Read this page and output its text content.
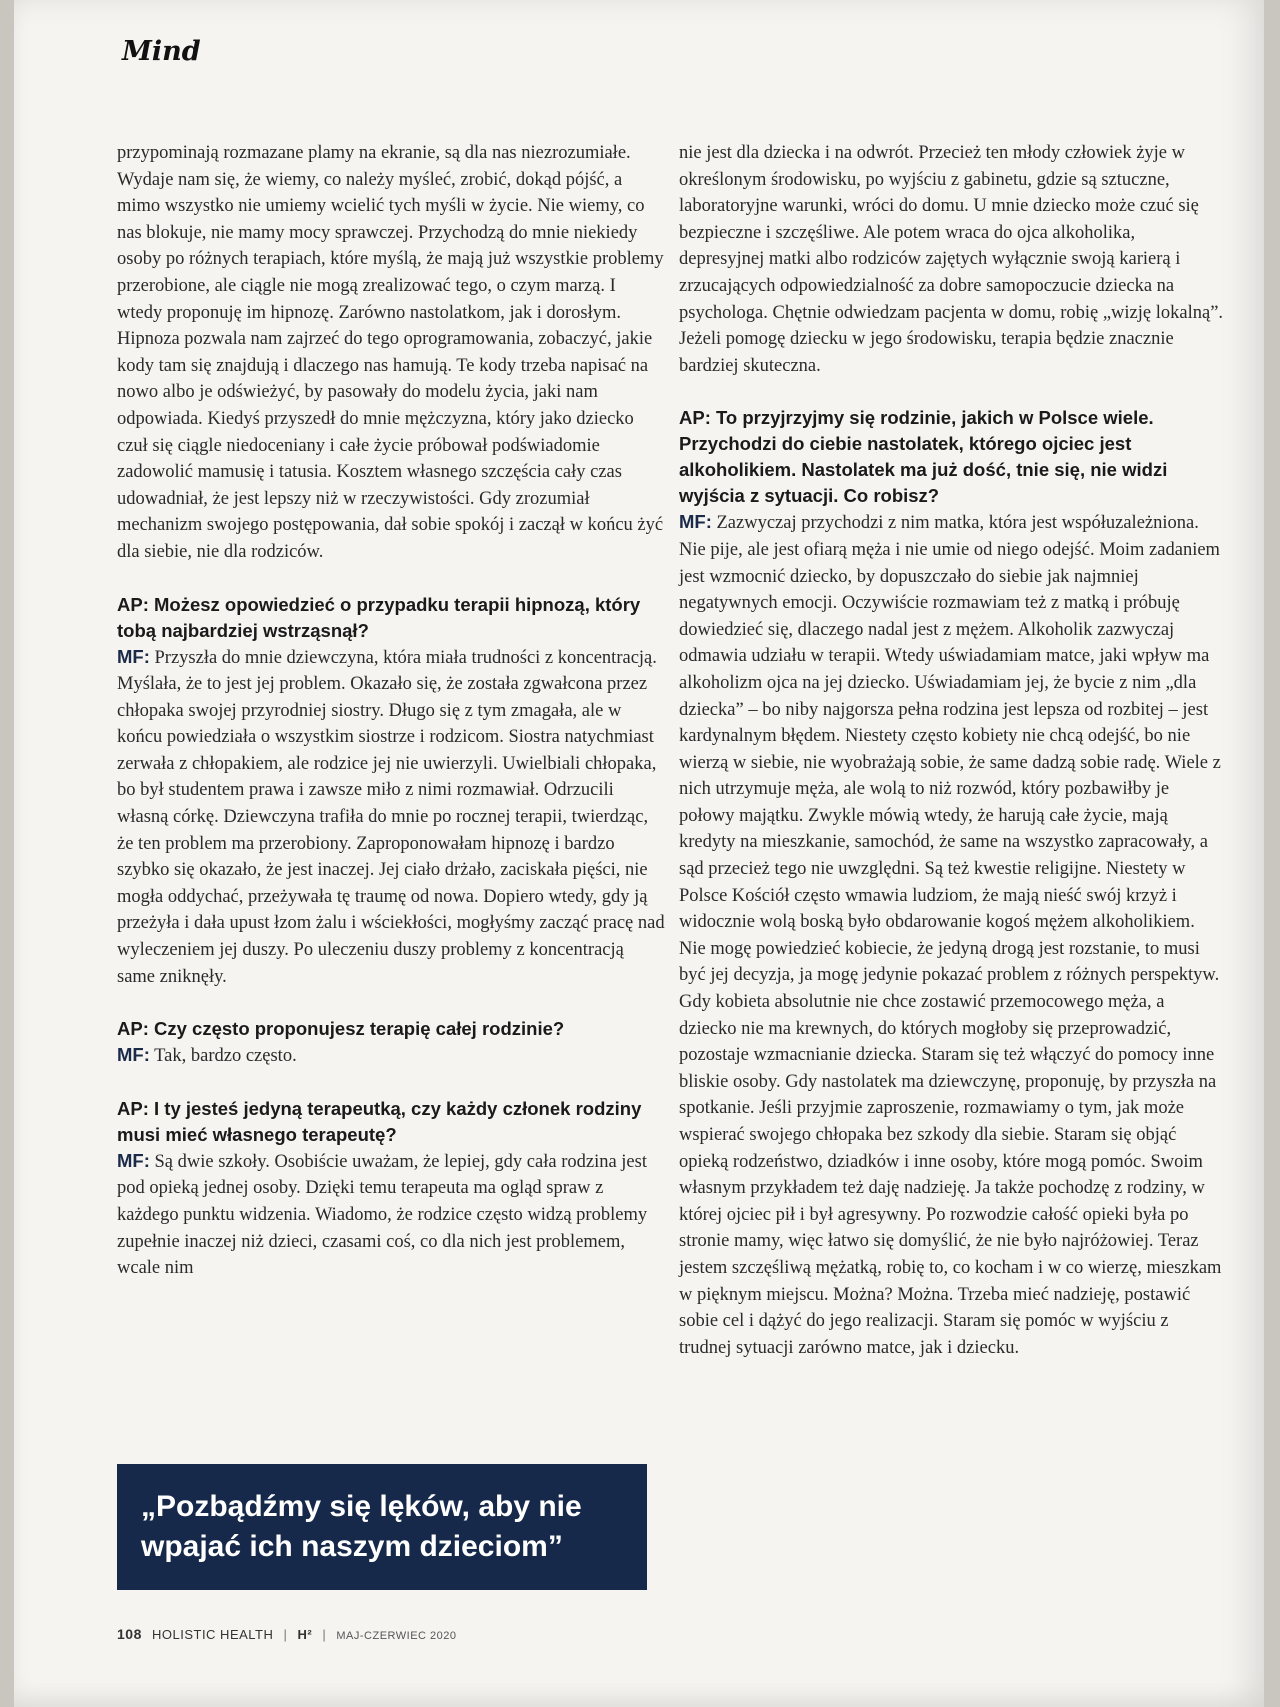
Mind

przypominają rozmazane plamy na ekranie, są dla nas niezrozumiałe. Wydaje nam się, że wiemy, co należy myśleć, zrobić, dokąd pójść, a mimo wszystko nie umiemy wcielić tych myśli w życie. Nie wiemy, co nas blokuje, nie mamy mocy sprawczej. Przychodzą do mnie niekiedy osoby po różnych terapiach, które myślą, że mają już wszystkie problemy przerobione, ale ciągle nie mogą zrealizować tego, o czym marzą. I wtedy proponuję im hipnozę. Zarówno nastolatkom, jak i dorosłym. Hipnoza pozwala nam zajrzeć do tego oprogramowania, zobaczyć, jakie kody tam się znajdują i dlaczego nas hamują. Te kody trzeba napisać na nowo albo je odświeżyć, by pasowały do modelu życia, jaki nam odpowiada. Kiedyś przyszedł do mnie mężczyzna, który jako dziecko czuł się ciągle niedoceniany i całe życie próbował podświadomie zadowolić mamusię i tatusia. Kosztem własnego szczęścia cały czas udowadniał, że jest lepszy niż w rzeczywistości. Gdy zrozumiał mechanizm swojego postępowania, dał sobie spokój i zaczął w końcu żyć dla siebie, nie dla rodziców.

AP: Możesz opowiedzieć o przypadku terapii hipnozą, który tobą najbardziej wstrząsnął?

MF: Przyszła do mnie dziewczyna, która miała trudności z koncentracją. Myślała, że to jest jej problem. Okazało się, że została zgwałcona przez chłopaka swojej przyrodniej siostry. Długo się z tym zmagała, ale w końcu powiedziała o wszystkim siostrze i rodzicom. Siostra natychmiast zerwała z chłopakiem, ale rodzice jej nie uwierzyli. Uwielbiali chłopaka, bo był studentem prawa i zawsze miło z nimi rozmawiał. Odrzucili własną córkę. Dziewczyna trafiła do mnie po rocznej terapii, twierdząc, że ten problem ma przerobiony. Zaproponowałam hipnozę i bardzo szybko się okazało, że jest inaczej. Jej ciało drżało, zaciskała pięści, nie mogła oddychać, przeżywała tę traumę od nowa. Dopiero wtedy, gdy ją przeżyła i dała upust łzom żalu i wściekłości, mogłyśmy zacząć pracę nad wyleczeniem jej duszy. Po uleczeniu duszy problemy z koncentracją same zniknęły.

AP: Czy często proponujesz terapię całej rodzinie?

MF: Tak, bardzo często.

AP: I ty jesteś jedyną terapeutką, czy każdy członek rodziny musi mieć własnego terapeutę?

MF: Są dwie szkoły. Osobiście uważam, że lepiej, gdy cała rodzina jest pod opieką jednej osoby. Dzięki temu terapeuta ma ogląd spraw z każdego punktu widzenia. Wiadomo, że rodzice często widzą problemy zupełnie inaczej niż dzieci, czasami coś, co dla nich jest problemem, wcale nim

„Pozbądźmy się lęków, aby nie wpajać ich naszym dzieciom”

nie jest dla dziecka i na odwrót. Przecież ten młody człowiek żyje w określonym środowisku, po wyjściu z gabinetu, gdzie są sztuczne, laboratoryjne warunki, wróci do domu. U mnie dziecko może czuć się bezpieczne i szczęśliwe. Ale potem wraca do ojca alkoholika, depresyjnej matki albo rodziców zajętych wyłącznie swoją karierą i zrzucających odpowiedzialność za dobre samopoczucie dziecka na psychologa. Chętnie odwiedzam pacjenta w domu, robię „wizję lokalną”. Jeżeli pomogę dziecku w jego środowisku, terapia będzie znacznie bardziej skuteczna.

AP: To przyjrzyjmy się rodzinie, jakich w Polsce wiele. Przychodzi do ciebie nastolatek, którego ojciec jest alkoholikiem. Nastolatek ma już dość, tnie się, nie widzi wyjścia z sytuacji. Co robisz?

MF: Zazwyczaj przychodzi z nim matka, która jest współuzależniona. Nie pije, ale jest ofiarą męża i nie umie od niego odejść. Moim zadaniem jest wzmocnić dziecko, by dopuszczało do siebie jak najmniej negatywnych emocji. Oczywiście rozmawiam też z matką i próbuję dowiedzieć się, dlaczego nadal jest z mężem. Alkoholik zazwyczaj odmawia udziału w terapii. Wtedy uświadamiam matce, jaki wpływ ma alkoholizm ojca na jej dziecko. Uświadamiam jej, że bycie z nim „dla dziecka” – bo niby najgorsza pełna rodzina jest lepsza od rozbitej – jest kardynalnym błędem. Niestety często kobiety nie chcą odejść, bo nie wierzą w siebie, nie wyobrażają sobie, że same dadzą sobie radę. Wiele z nich utrzymuje męża, ale wolą to niż rozwód, który pozbawiłby je połowy majątku. Zwykle mówią wtedy, że harują całe życie, mają kredyty na mieszkanie, samochód, że same na wszystko zapracowały, a sąd przecież tego nie uwzględni. Są też kwestie religijne. Niestety w Polsce Kościół często wmawia ludziom, że mają nieść swój krzyż i widocznie wolą boską było obdarowanie kogoś mężem alkoholikiem. Nie mogę powiedzieć kobiecie, że jedyną drogą jest rozstanie, to musi być jej decyzja, ja mogę jedynie pokazać problem z różnych perspektyw. Gdy kobieta absolutnie nie chce zostawić przemocowego męża, a dziecko nie ma krewnych, do których mogłoby się przeprowadzić, pozostaje wzmacnianie dziecka. Staram się też włączyć do pomocy inne bliskie osoby. Gdy nastolatek ma dziewczynę, proponuję, by przyszła na spotkanie. Jeśli przyjmie zaproszenie, rozmawiamy o tym, jak może wspierać swojego chłopaka bez szkody dla siebie. Staram się objąć opieką rodzeństwo, dziadków i inne osoby, które mogą pomóc. Swoim własnym przykładem też daję nadzieję. Ja także pochodzę z rodziny, w której ojciec pił i był agresywny. Po rozwodzie całość opieki była po stronie mamy, więc łatwo się domyślić, że nie było najróżowiej. Teraz jestem szczęśliwą mężatką, robię to, co kocham i w co wierzę, mieszkam w pięknym miejscu. Można? Można. Trzeba mieć nadzieję, postawić sobie cel i dążyć do jego realizacji. Staram się pomóc w wyjściu z trudnej sytuacji zarówno matce, jak i dziecku.

108 HOLISTIC HEALTH | H² | MAJ-CZERWIEC 2020
